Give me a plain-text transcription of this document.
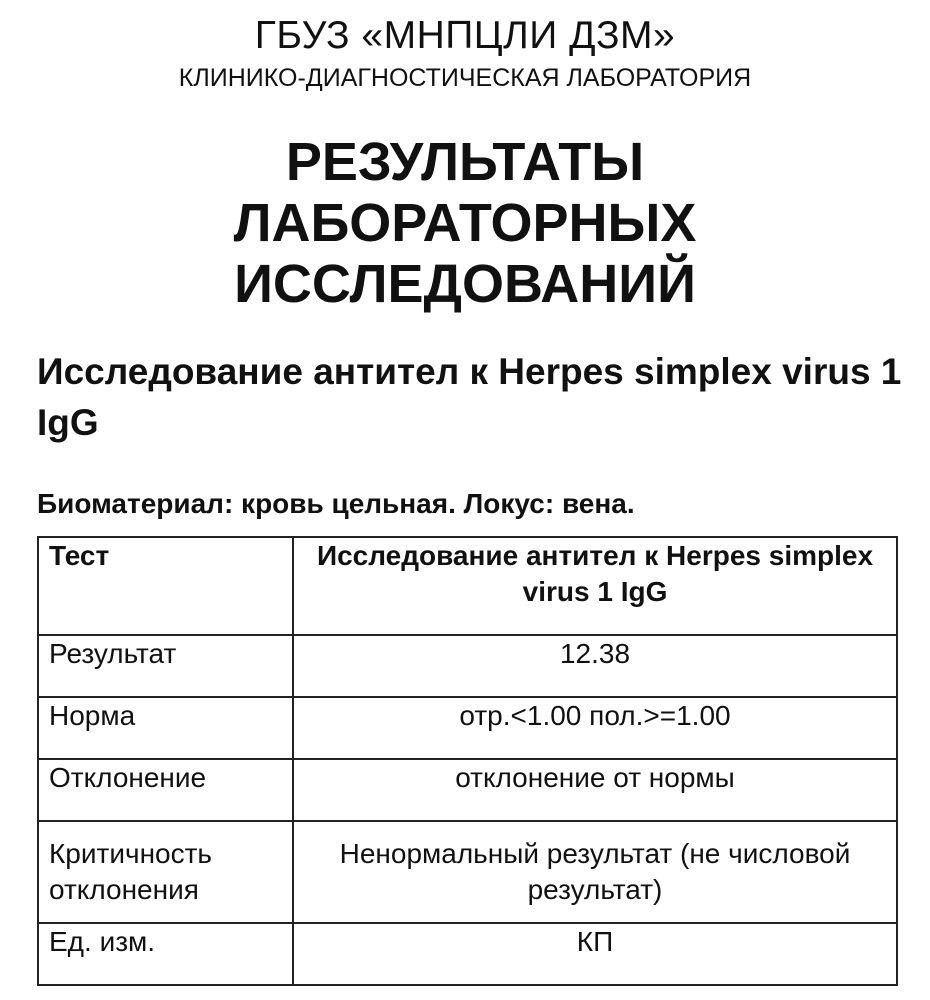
ГБУЗ «МНПЦЛИ ДЗМ»
КЛИНИКО-ДИАГНОСТИЧЕСКАЯ ЛАБОРАТОРИЯ
РЕЗУЛЬТАТЫ
ЛАБОРАТОРНЫХ
ИССЛЕДОВАНИЙ
Исследование антител к Herpes simplex virus 1 IgG
Биоматериал: кровь цельная. Локус: вена.
Тест	Исследование антител к Herpes simplex virus 1 IgG
Результат	12.38
Норма	отр.<1.00 пол.>=1.00
Отклонение	отклонение от нормы
Критичность отклонения	Ненормальный результат (не числовой результат)
Ед. изм.	КП
